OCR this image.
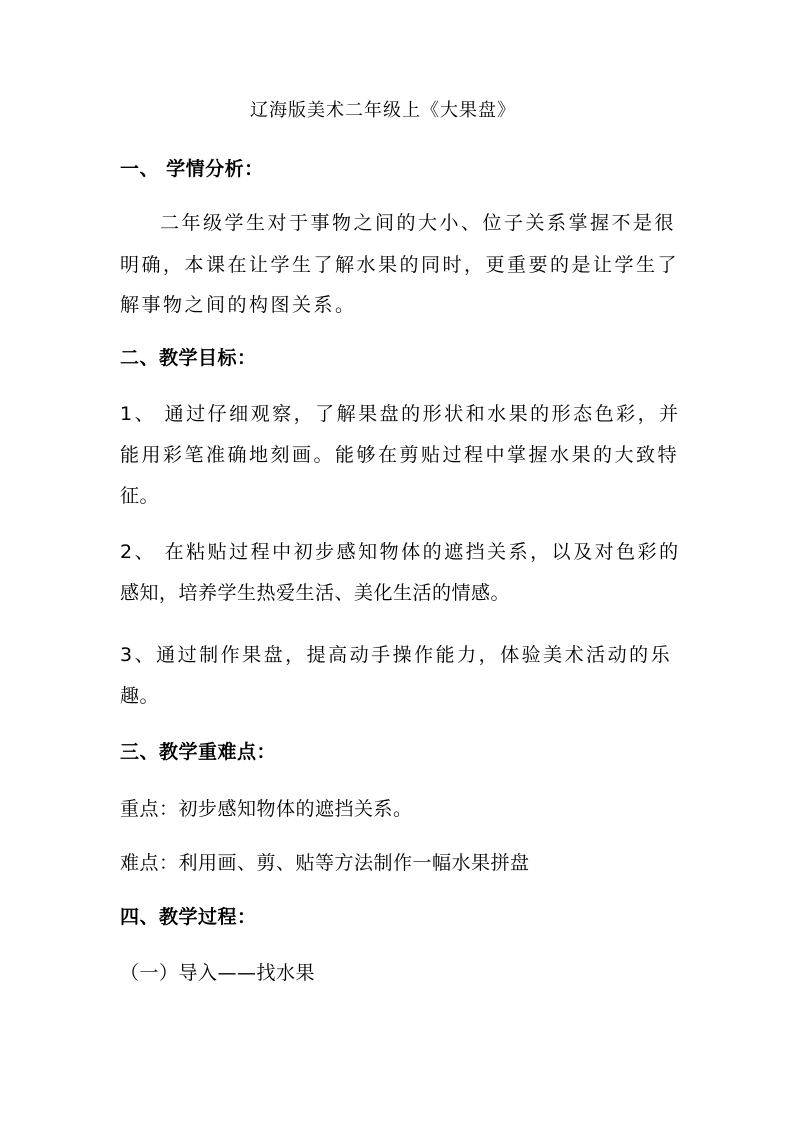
辽海版美术二年级上《大果盘》
一、 学情分析：
二年级学生对于事物之间的大小、位子关系掌握不是很
明确，本课在让学生了解水果的同时，更重要的是让学生了
解事物之间的构图关系。
二、教学目标：
1、 通过仔细观察，了解果盘的形状和水果的形态色彩，并
能用彩笔准确地刻画。能够在剪贴过程中掌握水果的大致特
征。
2、 在粘贴过程中初步感知物体的遮挡关系，以及对色彩的
感知，培养学生热爱生活、美化生活的情感。
3、通过制作果盘，提高动手操作能力，体验美术活动的乐
趣。
三、教学重难点：
重点：初步感知物体的遮挡关系。
难点：利用画、剪、贴等方法制作一幅水果拼盘
四、教学过程：
（一）导入——找水果
